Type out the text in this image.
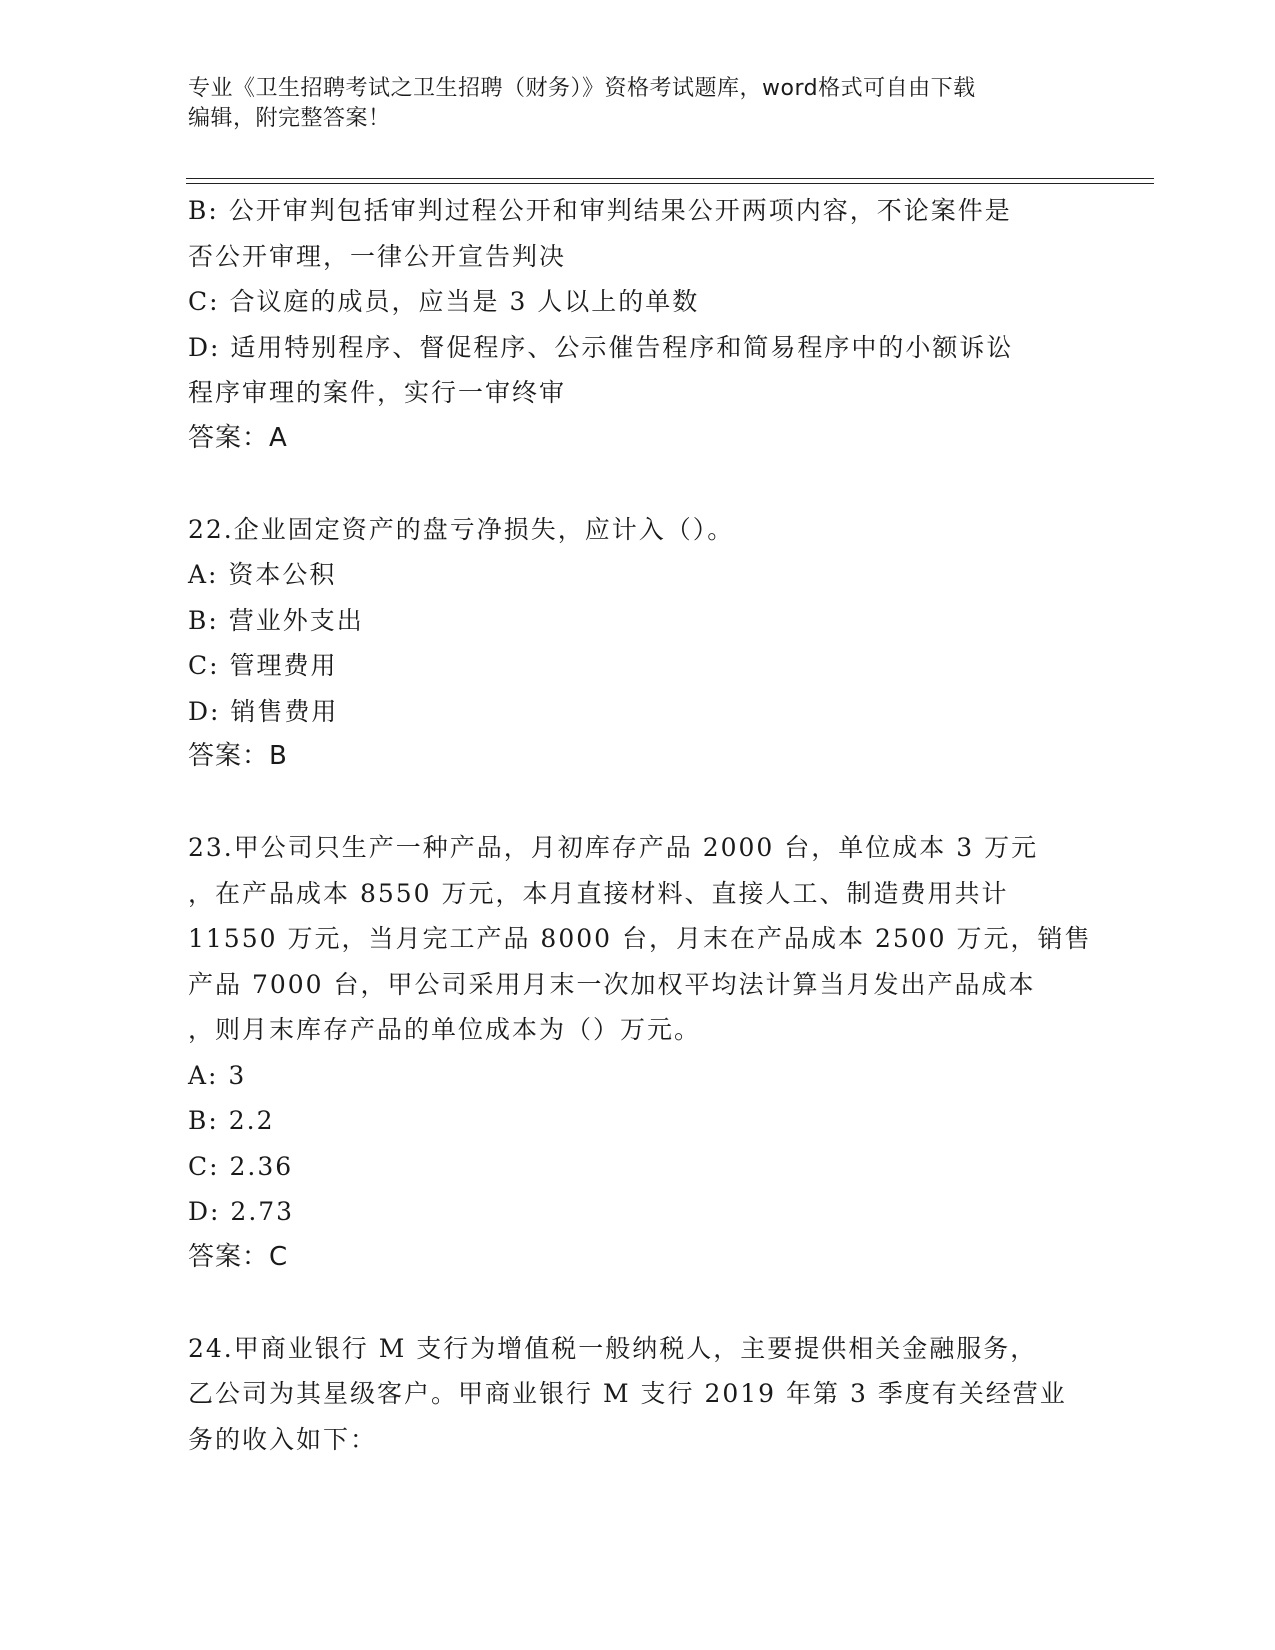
专业《卫生招聘考试之卫生招聘（财务）》资格考试题库，word格式可自由下载
编辑，附完整答案！
B: 公开审判包括审判过程公开和审判结果公开两项内容，不论案件是
否公开审理，一律公开宣告判决
C: 合议庭的成员，应当是 3 人以上的单数
D: 适用特别程序、督促程序、公示催告程序和简易程序中的小额诉讼
程序审理的案件，实行一审终审
答案：A
22.企业固定资产的盘亏净损失，应计入（）。
A: 资本公积
B: 营业外支出
C: 管理费用
D: 销售费用
答案：B
23.甲公司只生产一种产品，月初库存产品 2000 台，单位成本 3 万元
，在产品成本 8550 万元，本月直接材料、直接人工、制造费用共计
11550 万元，当月完工产品 8000 台，月末在产品成本 2500 万元，销售
产品 7000 台，甲公司采用月末一次加权平均法计算当月发出产品成本
，则月末库存产品的单位成本为（）万元。
A: 3
B: 2.2
C: 2.36
D: 2.73
答案：C
24.甲商业银行 M 支行为增值税一般纳税人，主要提供相关金融服务，
乙公司为其星级客户。甲商业银行 M 支行 2019 年第 3 季度有关经营业
务的收入如下：
